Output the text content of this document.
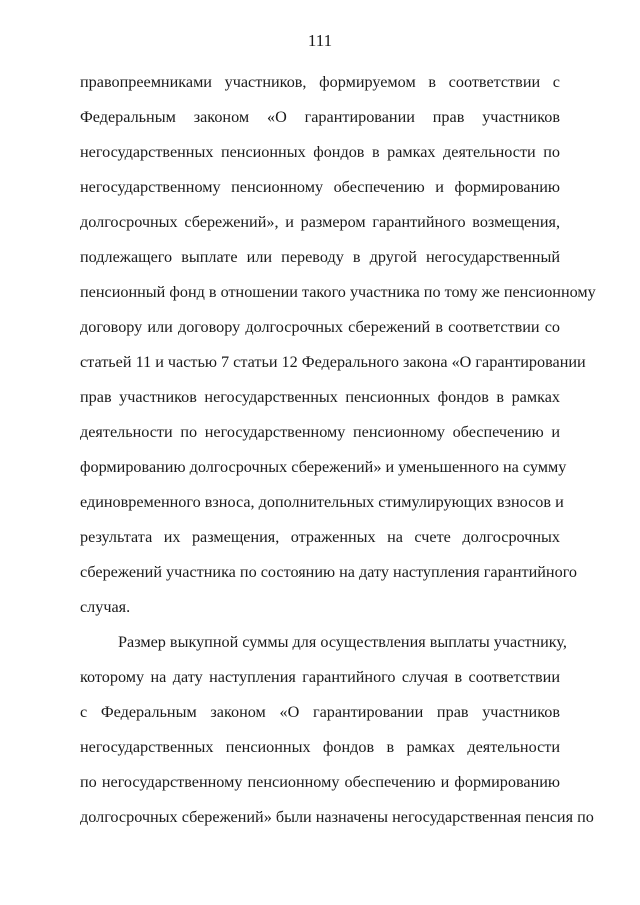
111
правопреемниками участников, формируемом в соответствии с
Федеральным законом «О гарантировании прав участников
негосударственных пенсионных фондов в рамках деятельности по
негосударственному пенсионному обеспечению и формированию
долгосрочных сбережений», и размером гарантийного возмещения,
подлежащего выплате или переводу в другой негосударственный
пенсионный фонд в отношении такого участника по тому же пенсионному
договору или договору долгосрочных сбережений в соответствии со
статьей 11 и частью 7 статьи 12 Федерального закона «О гарантировании
прав участников негосударственных пенсионных фондов в рамках
деятельности по негосударственному пенсионному обеспечению и
формированию долгосрочных сбережений» и уменьшенного на сумму
единовременного взноса, дополнительных стимулирующих взносов и
результата их размещения, отраженных на счете долгосрочных
сбережений участника по состоянию на дату наступления гарантийного
случая.
Размер выкупной суммы для осуществления выплаты участнику,
которому на дату наступления гарантийного случая в соответствии
с Федеральным законом «О гарантировании прав участников
негосударственных пенсионных фондов в рамках деятельности
по негосударственному пенсионному обеспечению и формированию
долгосрочных сбережений» были назначены негосударственная пенсия по
